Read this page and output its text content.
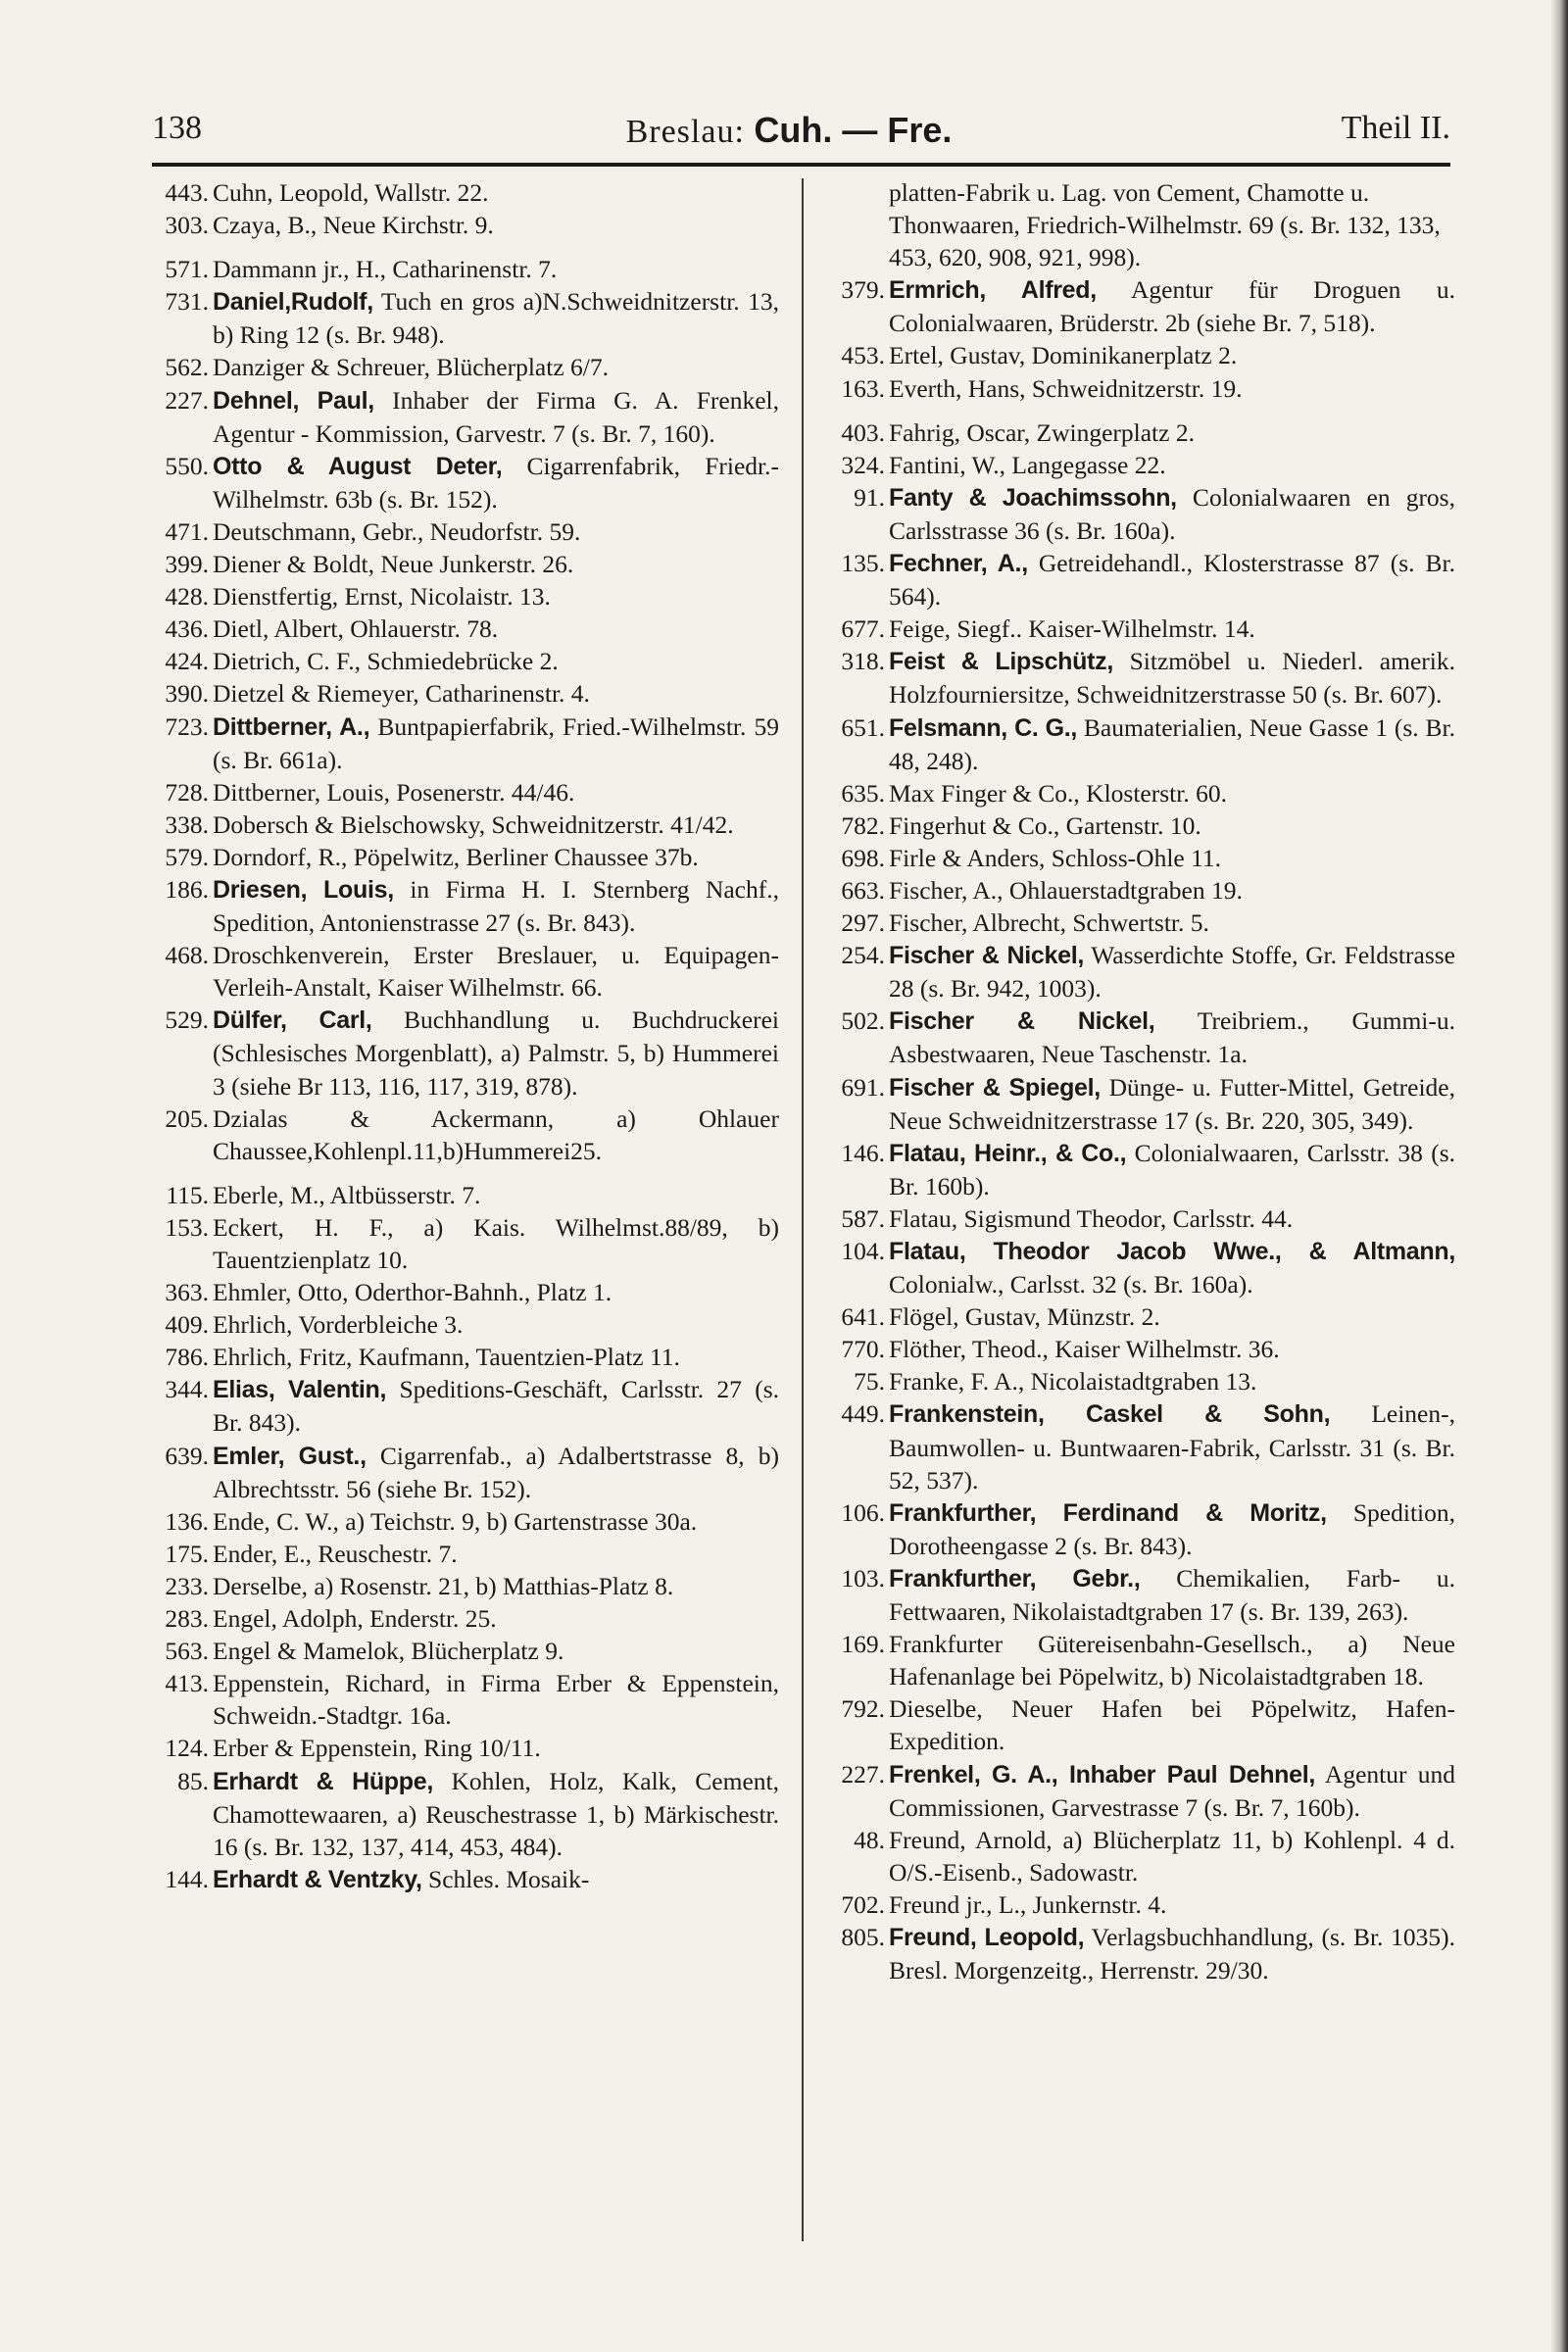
138	Breslau: Cuh. — Fre.	Theil II.
443. Cuhn, Leopold, Wallstr. 22.
303. Czaya, B., Neue Kirchstr. 9.
571. Dammann jr., H., Catharinenstr. 7.
731. Daniel,Rudolf, Tuch en gros a)N.Schweidnitzerstr. 13, b) Ring 12 (s. Br. 948).
562. Danziger & Schreuer, Blücherplatz 6/7.
227. Dehnel, Paul, Inhaber der Firma G. A. Frenkel, Agentur - Kommission, Garvestr. 7 (s. Br. 7, 160).
550. Otto & August Deter, Cigarrenfabrik, Friedr.-Wilhelmstr. 63b (s. Br. 152).
471. Deutschmann, Gebr., Neudorfstr. 59.
399. Diener & Boldt, Neue Junkerstr. 26.
428. Dienstfertig, Ernst, Nicolaistr. 13.
436. Dietl, Albert, Ohlauerstr. 78.
424. Dietrich, C. F., Schmiedebrücke 2.
390. Dietzel & Riemeyer, Catharinenstr. 4.
723. Dittberner, A., Buntpapierfabrik, Fried.-Wilhelmstr. 59 (s. Br. 661a).
728. Dittberner, Louis, Posenerstr. 44/46.
338. Dobersch & Bielschowsky, Schweidnitzerstr. 41/42.
579. Dorndorf, R., Pöpelwitz, Berliner Chaussee 37b.
186. Driesen, Louis, in Firma H. I. Sternberg Nachf., Spedition, Antonienstrasse 27 (s. Br. 843).
468. Droschkenverein, Erster Breslauer, u. Equipagen-Verleih-Anstalt, Kaiser Wilhelmstr. 66.
529. Dülfer, Carl, Buchhandlung u. Buchdruckerei (Schlesisches Morgenblatt), a) Palmstr. 5, b) Hummerei 3 (siehe Br 113, 116, 117, 319, 878).
205. Dzialas & Ackermann, a) Ohlauer Chaussee,Kohlenpl.11,b)Hummerei25.
115. Eberle, M., Altbüsserstr. 7.
153. Eckert, H. F., a) Kais. Wilhelmst.88/89, b) Tauentzienplatz 10.
363. Ehmler, Otto, Oderthor-Bahnh., Platz 1.
409. Ehrlich, Vorderbleiche 3.
786. Ehrlich, Fritz, Kaufmann, Tauentzien-Platz 11.
344. Elias, Valentin, Speditions-Geschäft, Carlsstr. 27 (s. Br. 843).
639. Emler, Gust., Cigarrenfab., a) Adalbertstrasse 8, b) Albrechtsstr. 56 (siehe Br. 152).
136. Ende, C. W., a) Teichstr. 9, b) Gartenstrasse 30a.
175. Ender, E., Reuschestr. 7.
233. Derselbe, a) Rosenstr. 21, b) Matthias-Platz 8.
283. Engel, Adolph, Enderstr. 25.
563. Engel & Mamelok, Blücherplatz 9.
413. Eppenstein, Richard, in Firma Erber & Eppenstein, Schweidn.-Stadtgr. 16a.
124. Erber & Eppenstein, Ring 10/11.
85. Erhardt & Hüppe, Kohlen, Holz, Kalk, Cement, Chamottewaaren, a) Reuschestrasse 1, b) Märkischestr. 16 (s. Br. 132, 137, 414, 453, 484).
144. Erhardt & Ventzky, Schles. Mosaik-
platten-Fabrik u. Lag. von Cement, Chamotte u. Thonwaaren, Friedrich-Wilhelmstr. 69 (s. Br. 132, 133, 453, 620, 908, 921, 998).
379. Ermrich, Alfred, Agentur für Droguen u. Colonialwaaren, Brüderstr. 2b (siehe Br. 7, 518).
453. Ertel, Gustav, Dominikanerplatz 2.
163. Everth, Hans, Schweidnitzerstr. 19.
403. Fahrig, Oscar, Zwingerplatz 2.
324. Fantini, W., Langegasse 22.
91. Fanty & Joachimssohn, Colonialwaaren en gros, Carlsstrasse 36 (s. Br. 160a).
135. Fechner, A., Getreidehandl., Klosterstrasse 87 (s. Br. 564).
677. Feige, Siegf.. Kaiser-Wilhelmstr. 14.
318. Feist & Lipschütz, Sitzmöbel u. Niederl. amerik. Holzfourniersitze, Schweidnitzerstrasse 50 (s. Br. 607).
651. Felsmann, C. G., Baumaterialien, Neue Gasse 1 (s. Br. 48, 248).
635. Max Finger & Co., Klosterstr. 60.
782. Fingerhut & Co., Gartenstr. 10.
698. Firle & Anders, Schloss-Ohle 11.
663. Fischer, A., Ohlauerstadtgraben 19.
297. Fischer, Albrecht, Schwertstr. 5.
254. Fischer & Nickel, Wasserdichte Stoffe, Gr. Feldstrasse 28 (s. Br. 942, 1003).
502. Fischer & Nickel, Treibriem., Gummi-u. Asbestwaaren, Neue Taschenstr. 1a.
691. Fischer & Spiegel, Dünge- u. Futter-Mittel, Getreide, Neue Schweidnitzerstrasse 17 (s. Br. 220, 305, 349).
146. Flatau, Heinr., & Co., Colonialwaaren, Carlsstr. 38 (s. Br. 160b).
587. Flatau, Sigismund Theodor, Carlsstr. 44.
104. Flatau, Theodor Jacob Wwe., & Altmann, Colonialw., Carlsst. 32 (s. Br. 160a).
641. Flögel, Gustav, Münzstr. 2.
770. Flöther, Theod., Kaiser Wilhelmstr. 36.
75. Franke, F. A., Nicolaistadtgraben 13.
449. Frankenstein, Caskel & Sohn, Leinen-, Baumwollen- u. Buntwaaren-Fabrik, Carlsstr. 31 (s. Br. 52, 537).
106. Frankfurther, Ferdinand & Moritz, Spedition, Dorotheengasse 2 (s. Br. 843).
103. Frankfurther, Gebr., Chemikalien, Farb- u. Fettwaaren, Nikolaistadtgraben 17 (s. Br. 139, 263).
169. Frankfurter Gütereisenbahn-Gesellsch., a) Neue Hafenanlage bei Pöpelwitz, b) Nicolaistadtgraben 18.
792. Dieselbe, Neuer Hafen bei Pöpelwitz, Hafen-Expedition.
227. Frenkel, G. A., Inhaber Paul Dehnel, Agentur und Commissionen, Garvestrasse 7 (s. Br. 7, 160b).
48. Freund, Arnold, a) Blücherplatz 11, b) Kohlenpl. 4 d. O/S.-Eisenb., Sadowastr.
702. Freund jr., L., Junkernstr. 4.
805. Freund, Leopold, Verlagsbuchhandlung, (s. Br. 1035). Bresl. Morgenzeitg., Herrenstr. 29/30.
